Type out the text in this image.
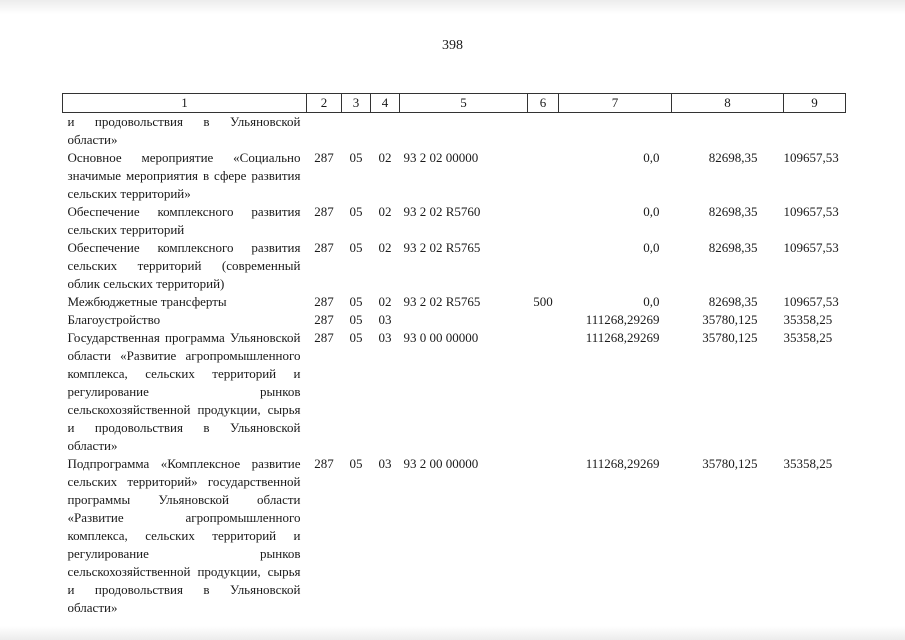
398
1	2	3	4	5	6	7	8	9
и продовольствия в Ульяновской области»								
Основное мероприятие «Социально значимые мероприятия в сфере развития сельских территорий»	287	05	02	93 2 02 00000		0,0	82698,35	109657,53
Обеспечение комплексного развития сельских территорий	287	05	02	93 2 02 R5760		0,0	82698,35	109657,53
Обеспечение комплексного развития сельских территорий (современный облик сельских территорий)	287	05	02	93 2 02 R5765		0,0	82698,35	109657,53
Межбюджетные трансферты	287	05	02	93 2 02 R5765	500	0,0	82698,35	109657,53
Благоустройство	287	05	03			111268,29269	35780,125	35358,25
Государственная программа Ульяновской области «Развитие агропромышленного комплекса, сельских территорий и регулирование рынков сельскохозяйственной продукции, сырья и продовольствия в Ульяновской области»	287	05	03	93 0 00 00000		111268,29269	35780,125	35358,25
Подпрограмма «Комплексное развитие сельских территорий» государственной программы Ульяновской области «Развитие агропромышленного комплекса, сельских территорий и регулирование рынков сельскохозяйственной продукции, сырья и продовольствия в Ульяновской области»	287	05	03	93 2 00 00000		111268,29269	35780,125	35358,25
